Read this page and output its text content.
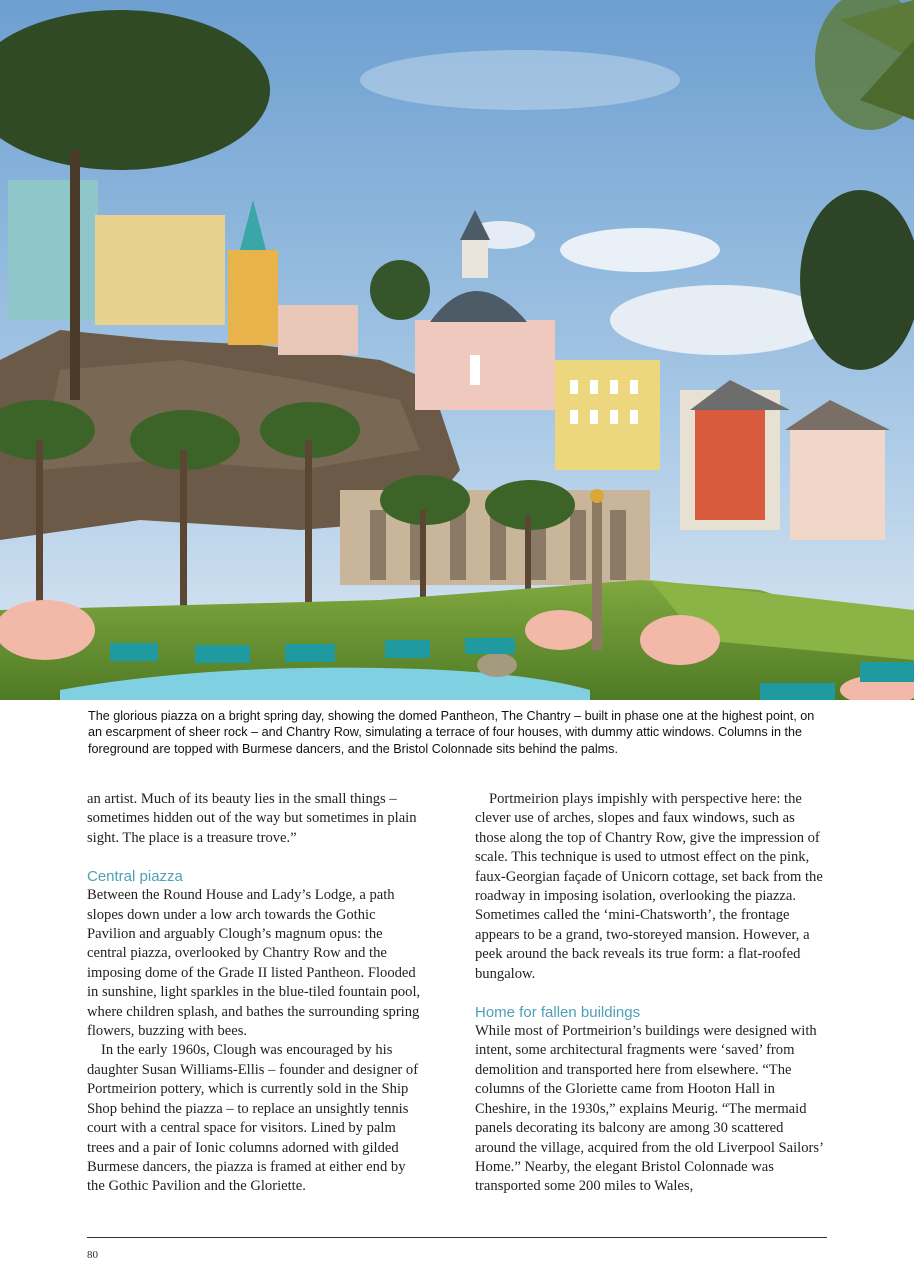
The glorious piazza on a bright spring day, showing the domed Pantheon, The Chantry – built in phase one at the highest point, on an escarpment of sheer rock – and Chantry Row, simulating a terrace of four houses, with dummy attic windows. Columns in the foreground are topped with Burmese dancers, and the Bristol Colonnade sits behind the palms.

an artist. Much of its beauty lies in the small things – sometimes hidden out of the way but sometimes in plain sight. The place is a treasure trove.”

Central piazza

Between the Round House and Lady’s Lodge, a path slopes down under a low arch towards the Gothic Pavilion and arguably Clough’s magnum opus: the central piazza, overlooked by Chantry Row and the imposing dome of the Grade II listed Pantheon. Flooded in sunshine, light sparkles in the blue-tiled fountain pool, where children splash, and bathes the surrounding spring flowers, buzzing with bees.

In the early 1960s, Clough was encouraged by his daughter Susan Williams-Ellis – founder and designer of Portmeirion pottery, which is currently sold in the Ship Shop behind the piazza – to replace an unsightly tennis court with a central space for visitors. Lined by palm trees and a pair of Ionic columns adorned with gilded Burmese dancers, the piazza is framed at either end by the Gothic Pavilion and the Gloriette.

Portmeirion plays impishly with perspective here: the clever use of arches, slopes and faux windows, such as those along the top of Chantry Row, give the impression of scale. This technique is used to utmost effect on the pink, faux-Georgian façade of Unicorn cottage, set back from the roadway in imposing isolation, overlooking the piazza. Sometimes called the ‘mini-Chatsworth’, the frontage appears to be a grand, two-storeyed mansion. However, a peek around the back reveals its true form: a flat-roofed bungalow.

Home for fallen buildings

While most of Portmeirion’s buildings were designed with intent, some architectural fragments were ‘saved’ from demolition and transported here from elsewhere. “The columns of the Gloriette came from Hooton Hall in Cheshire, in the 1930s,” explains Meurig. “The mermaid panels decorating its balcony are among 30 scattered around the village, acquired from the old Liverpool Sailors’ Home.” Nearby, the elegant Bristol Colonnade was transported some 200 miles to Wales,

80
